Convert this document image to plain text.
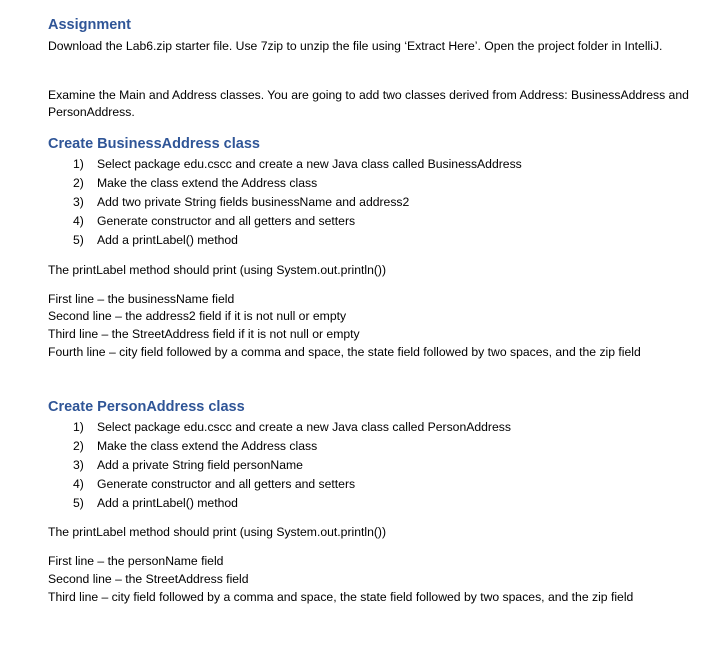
Assignment

Download the Lab6.zip starter file. Use 7zip to unzip the file using ‘Extract Here’. Open the project folder in IntelliJ.

Examine the Main and Address classes. You are going to add two classes derived from Address: BusinessAddress and PersonAddress.

Create BusinessAddress class
1) Select package edu.cscc and create a new Java class called BusinessAddress
2) Make the class extend the Address class
3) Add two private String fields businessName and address2
4) Generate constructor and all getters and setters
5) Add a printLabel() method

The printLabel method should print (using System.out.println())

First line – the businessName field

Second line – the address2 field if it is not null or empty

Third line – the StreetAddress field if it is not null or empty

Fourth line – city field followed by a comma and space, the state field followed by two spaces, and the zip field

Create PersonAddress class
1) Select package edu.cscc and create a new Java class called PersonAddress
2) Make the class extend the Address class
3) Add a private String field personName
4) Generate constructor and all getters and setters
5) Add a printLabel() method

The printLabel method should print (using System.out.println())

First line – the personName field

Second line – the StreetAddress field

Third line – city field followed by a comma and space, the state field followed by two spaces, and the zip field
